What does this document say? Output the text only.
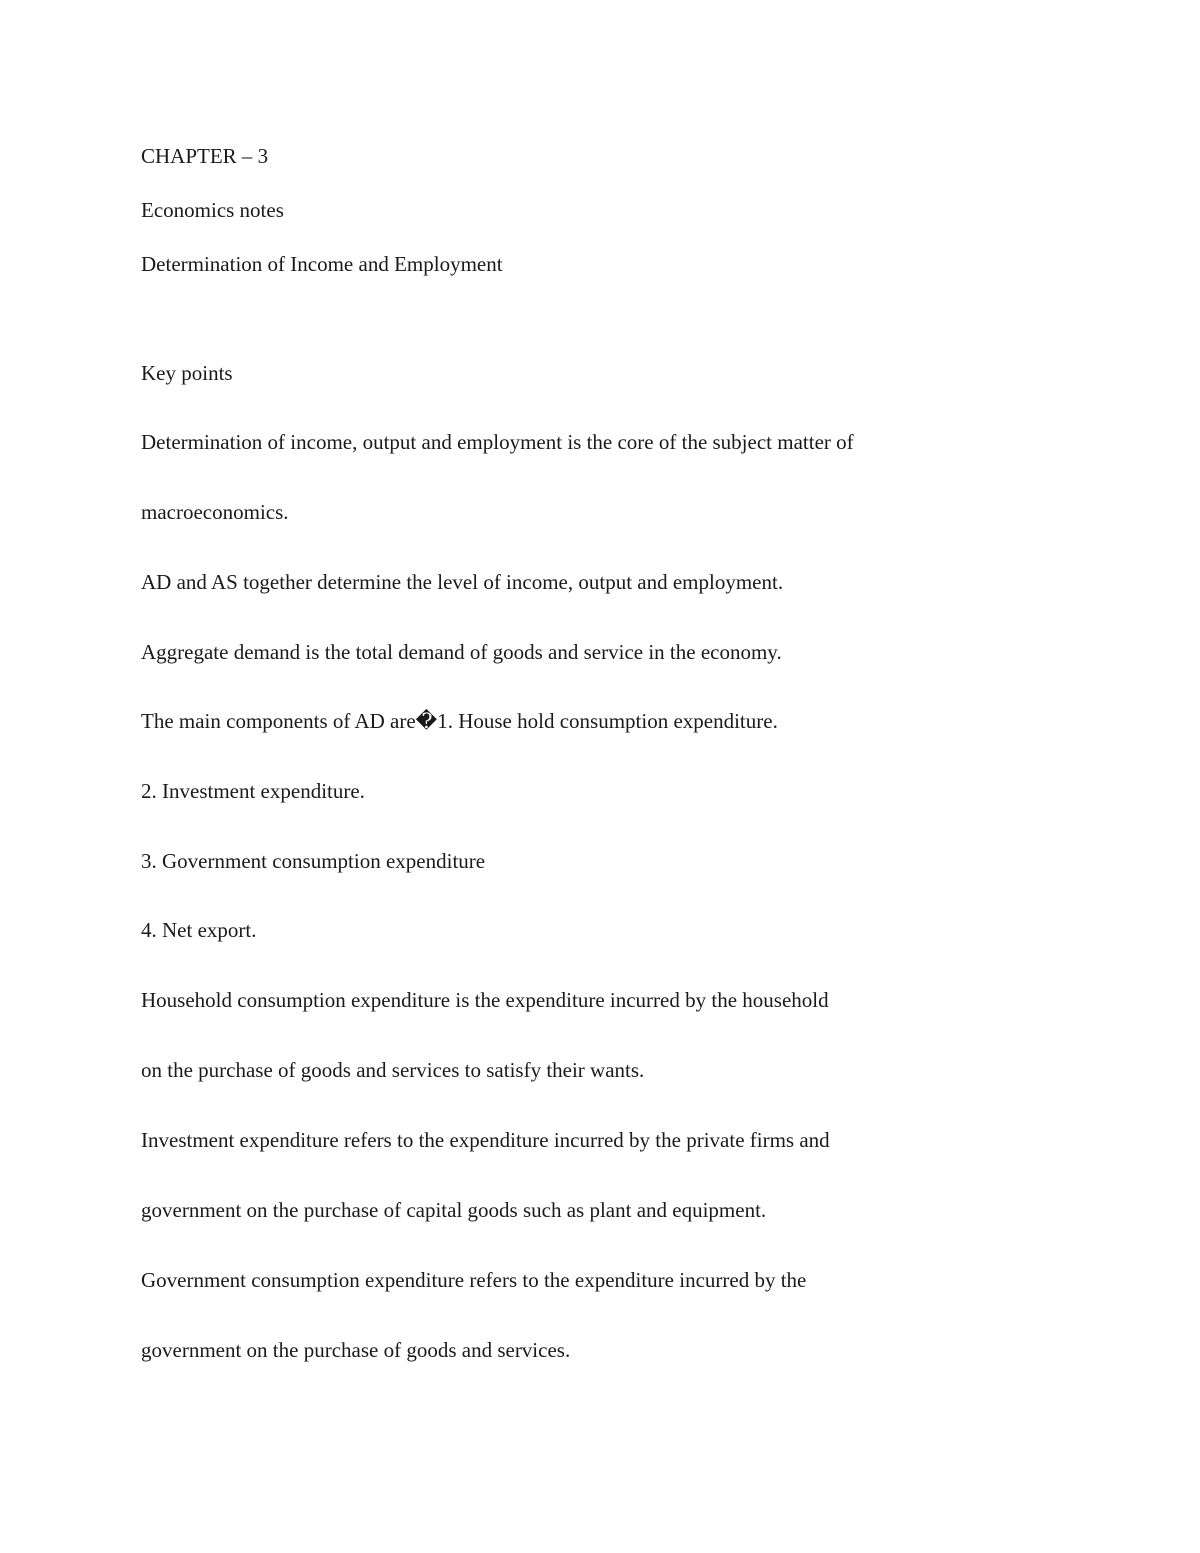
CHAPTER – 3

Economics notes

Determination of Income and Employment

Key points

Determination of income, output and employment is the core of the subject matter of

macroeconomics.

AD and AS together determine the level of income, output and employment.

Aggregate demand is the total demand of goods and service in the economy.

The main components of AD are�1. House hold consumption expenditure.

2. Investment expenditure.

3. Government consumption expenditure

4. Net export.

Household consumption expenditure is the expenditure incurred by the household

on the purchase of goods and services to satisfy their wants.

Investment expenditure refers to the expenditure incurred by the private firms and

government on the purchase of capital goods such as plant and equipment.

Government consumption expenditure refers to the expenditure incurred by the

government on the purchase of goods and services.
